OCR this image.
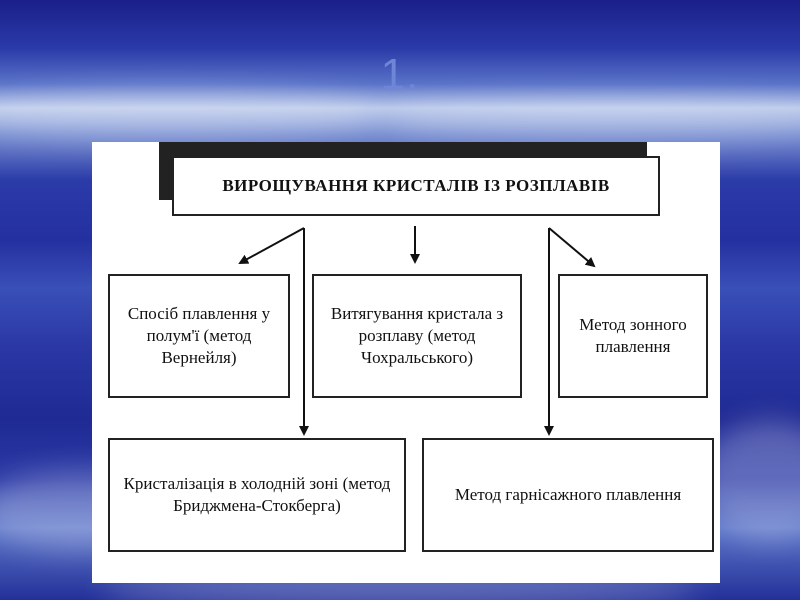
1.
ВИРОЩУВАННЯ КРИСТАЛІВ ІЗ РОЗПЛАВІВ
Спосіб плавлення у полум'ї (метод Вернейля)
Витягування кристала з розплаву (метод Чохральського)
Метод зонного плавлення
Кристалізація в холодній зоні (метод Бриджмена-Стокберга)
Метод гарнісажного плавлення
